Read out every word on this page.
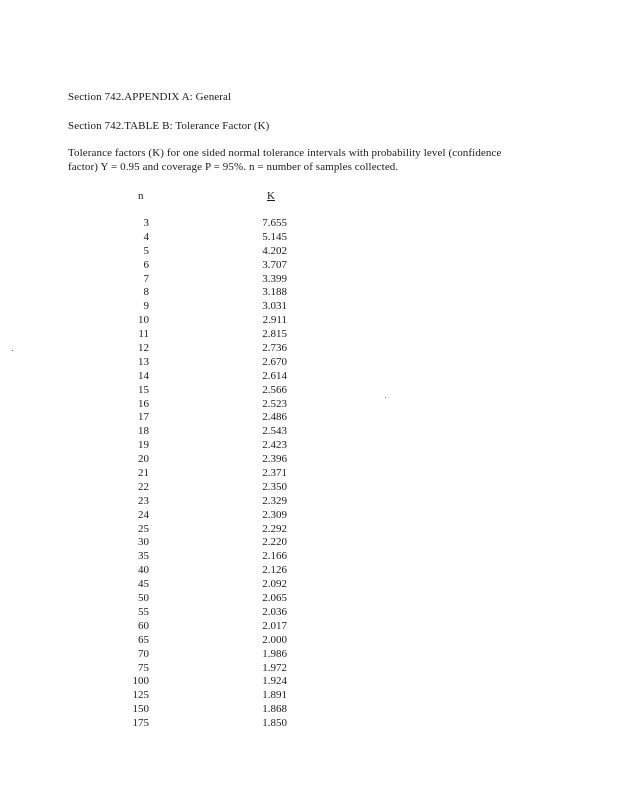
Section 742.APPENDIX A: General
Section 742.TABLE B: Tolerance Factor (K)
Tolerance factors (K) for one sided normal tolerance intervals with probability level (confidence
factor) Y = 0.95 and coverage P = 95%. n = number of samples collected.
n	K
3	7.655
4	5.145
5	4.202
6	3.707
7	3.399
8	3.188
9	3.031
10	2.911
11	2.815
12	2.736
13	2.670
14	2.614
15	2.566
16	2.523
17	2.486
18	2.543
19	2.423
20	2.396
21	2.371
22	2.350
23	2.329
24	2.309
25	2.292
30	2.220
35	2.166
40	2.126
45	2.092
50	2.065
55	2.036
60	2.017
65	2.000
70	1.986
75	1.972
100	1.924
125	1.891
150	1.868
175	1.850
